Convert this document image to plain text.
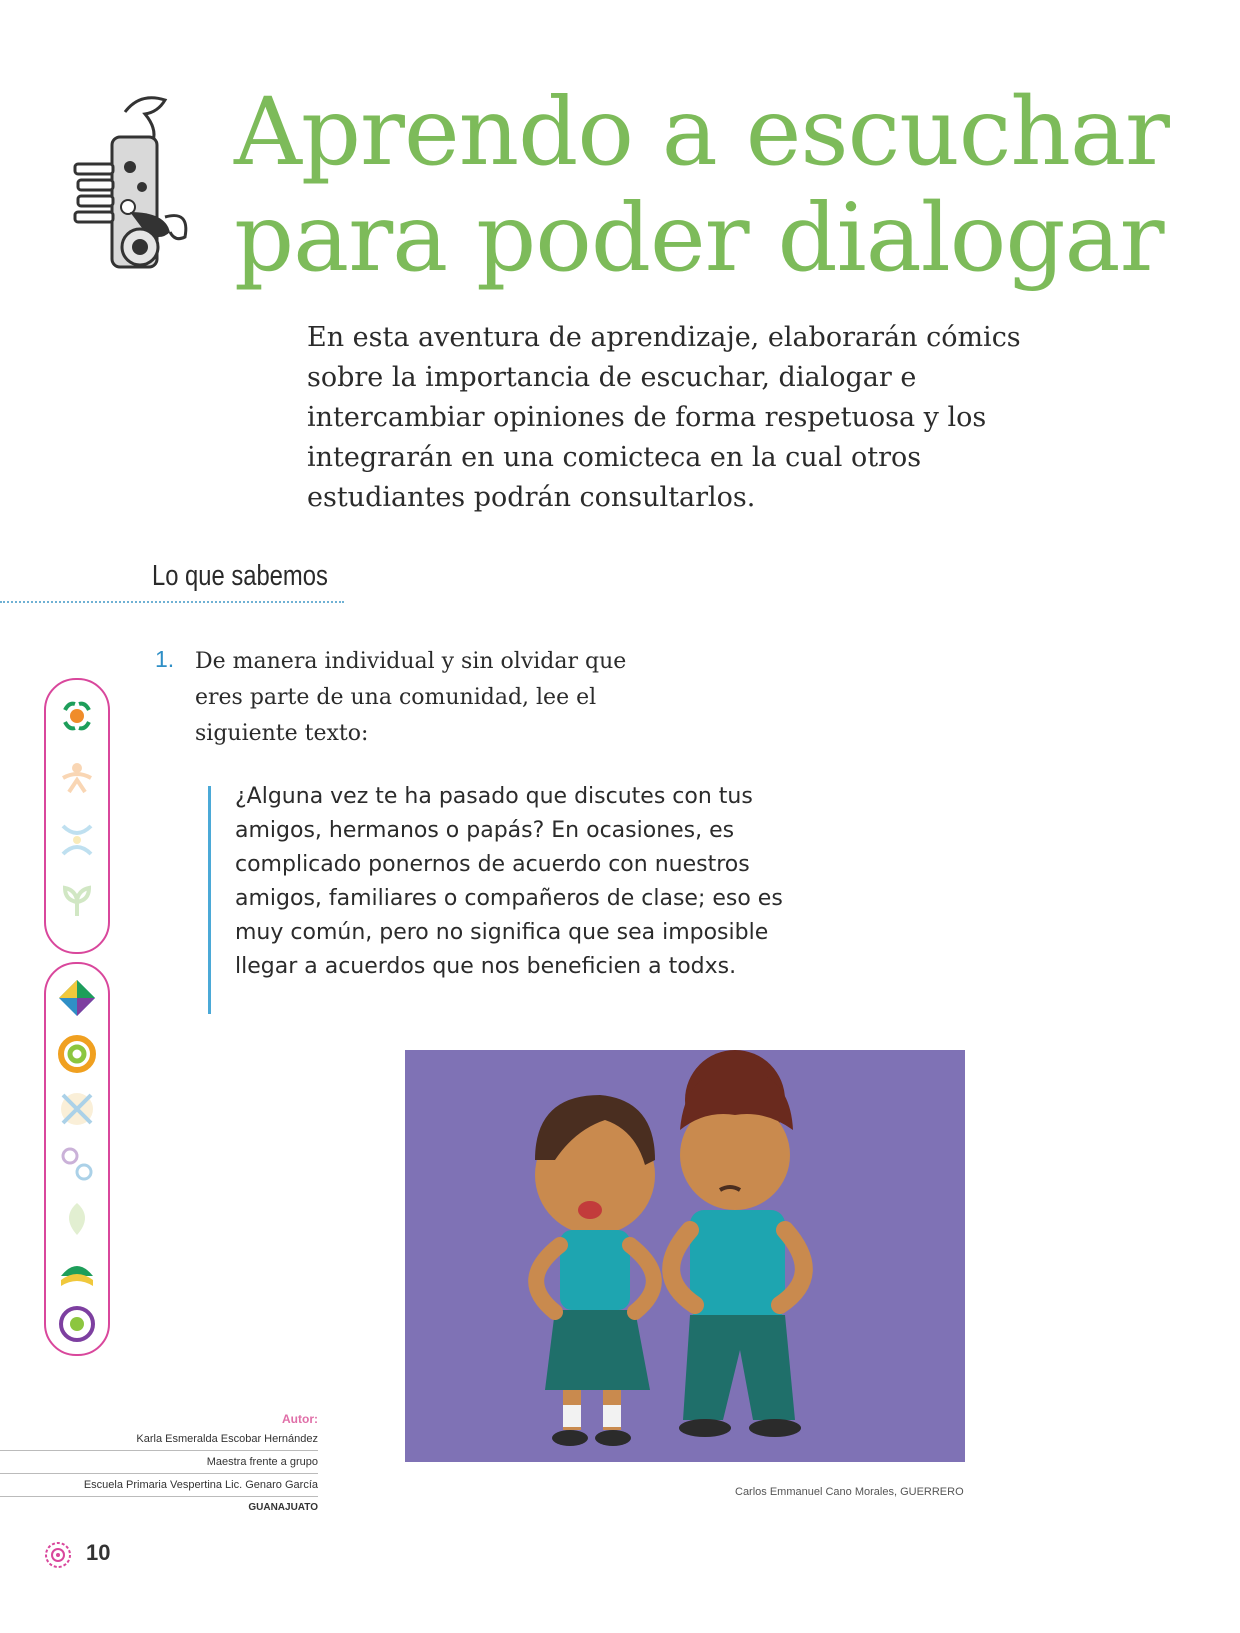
Aprendo a escuchar
para poder dialogar
En esta aventura de aprendizaje, elaborarán cómics sobre la importancia de escuchar, dialogar e intercambiar opiniones de forma respetuosa y los integrarán en una comicteca en la cual otros estudiantes podrán consultarlos.
Lo que sabemos
1. De manera individual y sin olvidar que eres parte de una comunidad, lee el siguiente texto:
¿Alguna vez te ha pasado que discutes con tus amigos, hermanos o papás? En ocasiones, es complicado ponernos de acuerdo con nuestros amigos, familiares o compañeros de clase; eso es muy común, pero no significa que sea imposible llegar a acuerdos que nos beneficien a todxs.
Carlos Emmanuel Cano Morales, GUERRERO
Autor:
Karla Esmeralda Escobar Hernández
Maestra frente a grupo
Escuela Primaria Vespertina Lic. Genaro García
GUANAJUATO
10
